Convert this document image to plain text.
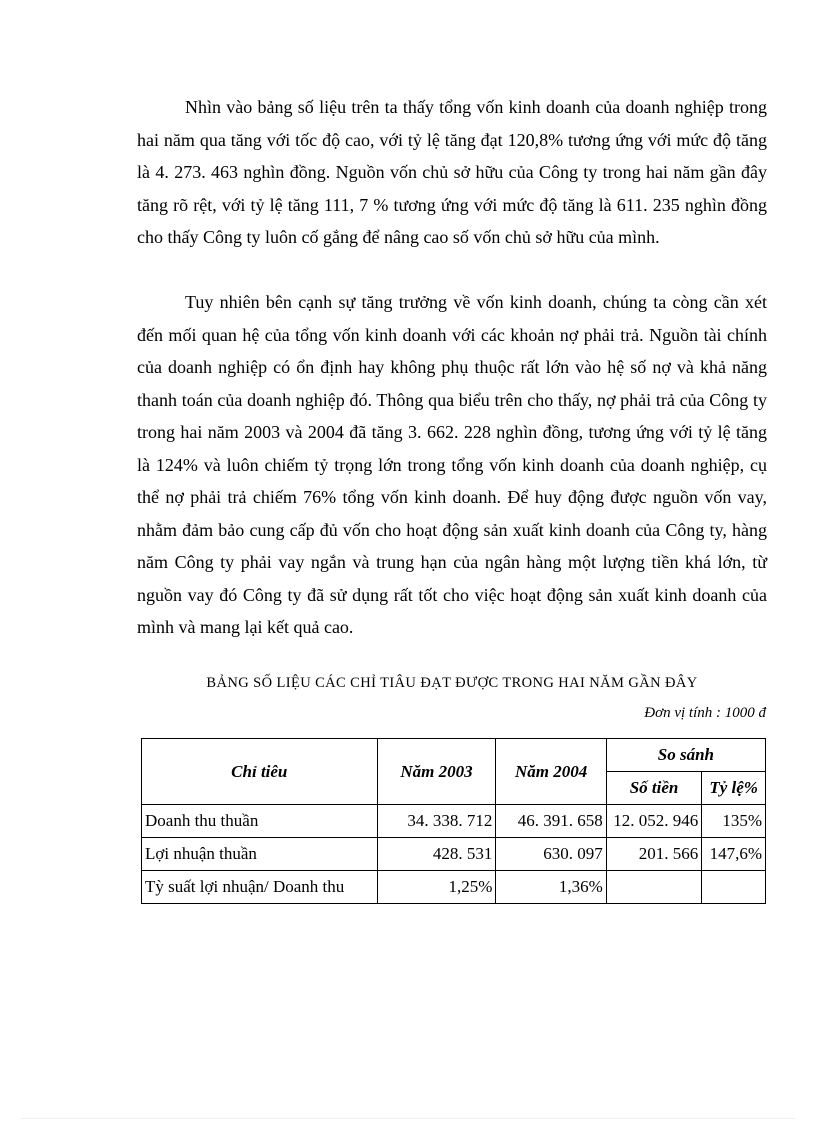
Nhìn vào bảng số liệu trên ta thấy tổng vốn kinh doanh của doanh nghiệp trong hai năm qua tăng với tốc độ cao, với tỷ lệ tăng đạt 120,8% tương ứng với mức độ tăng là 4. 273. 463 nghìn đồng. Nguồn vốn chủ sở hữu của Công ty trong hai năm gần đây tăng rõ rệt, với tỷ lệ tăng 111, 7 % tương ứng với mức độ tăng là 611. 235 nghìn đồng cho thấy Công ty luôn cố gắng để nâng cao số vốn chủ sở hữu của mình.

Tuy nhiên bên cạnh sự tăng trưởng về vốn kinh doanh, chúng ta còng cần xét đến mối quan hệ của tổng vốn kinh doanh với các khoản nợ phải trả. Nguồn tài chính của doanh nghiệp có ổn định hay không phụ thuộc rất lớn vào hệ số nợ và khả năng thanh toán của doanh nghiệp đó. Thông qua biểu trên cho thấy, nợ phải trả của Công ty trong hai năm 2003 và 2004 đã tăng 3. 662. 228 nghìn đồng, tương ứng với tỷ lệ tăng là 124% và luôn chiếm tỷ trọng lớn trong tổng vốn kinh doanh của doanh nghiệp, cụ thể nợ phải trả chiếm 76% tổng vốn kinh doanh. Để huy động được nguồn vốn vay, nhằm đảm bảo cung cấp đủ vốn cho hoạt động sản xuất kinh doanh của Công ty, hàng năm Công ty phải vay ngắn và trung hạn của ngân hàng một lượng tiền khá lớn, từ nguồn vay đó Công ty đã sử dụng rất tốt cho việc hoạt động sản xuất kinh doanh của mình và mang lại kết quả cao.

BẢNG SỐ LIỆU CÁC CHỈ TIÂU ĐẠT ĐƯỢC TRONG HAI NĂM GẦN ĐÂY

Đơn vị tính : 1000 đ

Chỉ tiêu	Năm 2003	Năm 2004	So sánh	
			Số tiền	Tỷ lệ%
Doanh thu thuần	34. 338. 712	46. 391. 658	12. 052. 946	135%
Lợi nhuận thuần	428. 531	630. 097	201. 566	147,6%
Tỳ suất lợi nhuận/ Doanh thu	1,25%	1,36%		
